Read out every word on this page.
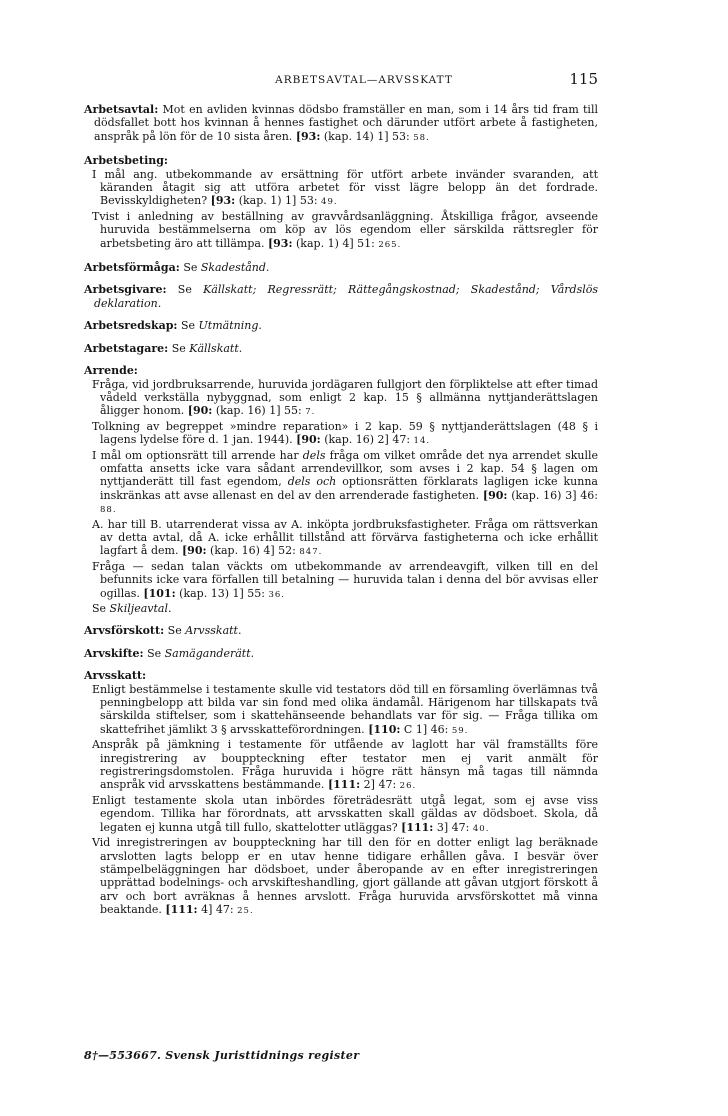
ARBETSAVTAL—ARVSSKATT	115
Arbetsavtal: Mot en avliden kvinnas dödsbo framställer en man, som i 14 års tid fram till dödsfallet bott hos kvinnan å hennes fastighet och därunder utfört arbete å fastigheten, anspråk på lön för de 10 sista åren. [93: (kap. 14) 1] 53: 58.
Arbetsbeting:
I mål ang. utbekommande av ersättning för utfört arbete invänder svaranden, att käranden åtagit sig att utföra arbetet för visst lägre belopp än det fordrade. Bevisskyldigheten? [93: (kap. 1) 1] 53: 49.
Tvist i anledning av beställning av gravvårdsanläggning. Åtskilliga frågor, avseende huruvida bestämmelserna om köp av lös egendom eller särskilda rättsregler för arbetsbeting äro att tillämpa. [93: (kap. 1) 4] 51: 265.
Arbetsförmåga: Se Skadestånd.
Arbetsgivare: Se Källskatt; Regressrätt; Rättegångskostnad; Skadestånd; Vårdslös deklaration.
Arbetsredskap: Se Utmätning.
Arbetstagare: Se Källskatt.
Arrende:
Fråga, vid jordbruksarrende, huruvida jordägaren fullgjort den förpliktelse att efter timad vådeld verkställa nybyggnad, som enligt 2 kap. 15 § allmänna nyttjanderättslagen åligger honom. [90: (kap. 16) 1] 55: 7.
Tolkning av begreppet »mindre reparation» i 2 kap. 59 § nyttjanderättslagen (48 § i lagens lydelse före d. 1 jan. 1944). [90: (kap. 16) 2] 47: 14.
I mål om optionsrätt till arrende har dels fråga om vilket område det nya arrendet skulle omfatta ansetts icke vara sådant arrendevillkor, som avses i 2 kap. 54 § lagen om nyttjanderätt till fast egendom, dels och optionsrätten förklarats lagligen icke kunna inskränkas att avse allenast en del av den arrenderade fastigheten. [90: (kap. 16) 3] 46: 88.
A. har till B. utarrenderat vissa av A. inköpta jordbruksfastigheter. Fråga om rättsverkan av detta avtal, då A. icke erhållit tillstånd att förvärva fastigheterna och icke erhållit lagfart å dem. [90: (kap. 16) 4] 52: 847.
Fråga — sedan talan väckts om utbekommande av arrendeavgift, vilken till en del befunnits icke vara förfallen till betalning — huruvida talan i denna del bör avvisas eller ogillas. [101: (kap. 13) 1] 55: 36.
Se Skiljeavtal.
Arvsförskott: Se Arvsskatt.
Arvskifte: Se Samäganderätt.
Arvsskatt:
Enligt bestämmelse i testamente skulle vid testators död till en församling överlämnas två penningbelopp att bilda var sin fond med olika ändamål. Härigenom har tillskapats två särskilda stiftelser, som i skattehänseende behandlats var för sig. — Fråga tillika om skattefrihet jämlikt 3 § arvsskatteförordningen. [110: C 1] 46: 59.
Anspråk på jämkning i testamente för utfående av laglott har väl framställts före inregistrering av bouppteckning efter testator men ej varit anmält för registreringsdomstolen. Fråga huruvida i högre rätt hänsyn må tagas till nämnda anspråk vid arvsskattens bestämmande. [111: 2] 47: 26.
Enligt testamente skola utan inbördes företrädesrätt utgå legat, som ej avse viss egendom. Tillika har förordnats, att arvsskatten skall gäldas av dödsboet. Skola, då legaten ej kunna utgå till fullo, skattelotter utläggas? [111: 3] 47: 40.
Vid inregistreringen av bouppteckning har till den för en dotter enligt lag beräknade arvslotten lagts belopp er en utav henne tidigare erhållen gåva. I besvär över stämpelbeläggningen har dödsboet, under åberopande av en efter inregistreringen upprättad bodelnings- och arvskifteshandling, gjort gällande att gåvan utgjort förskott å arv och bort avräknas å hennes arvslott. Fråga huruvida arvsförskottet må vinna beaktande. [111: 4] 47: 25.
8†—553667. Svensk Juristtidnings register
